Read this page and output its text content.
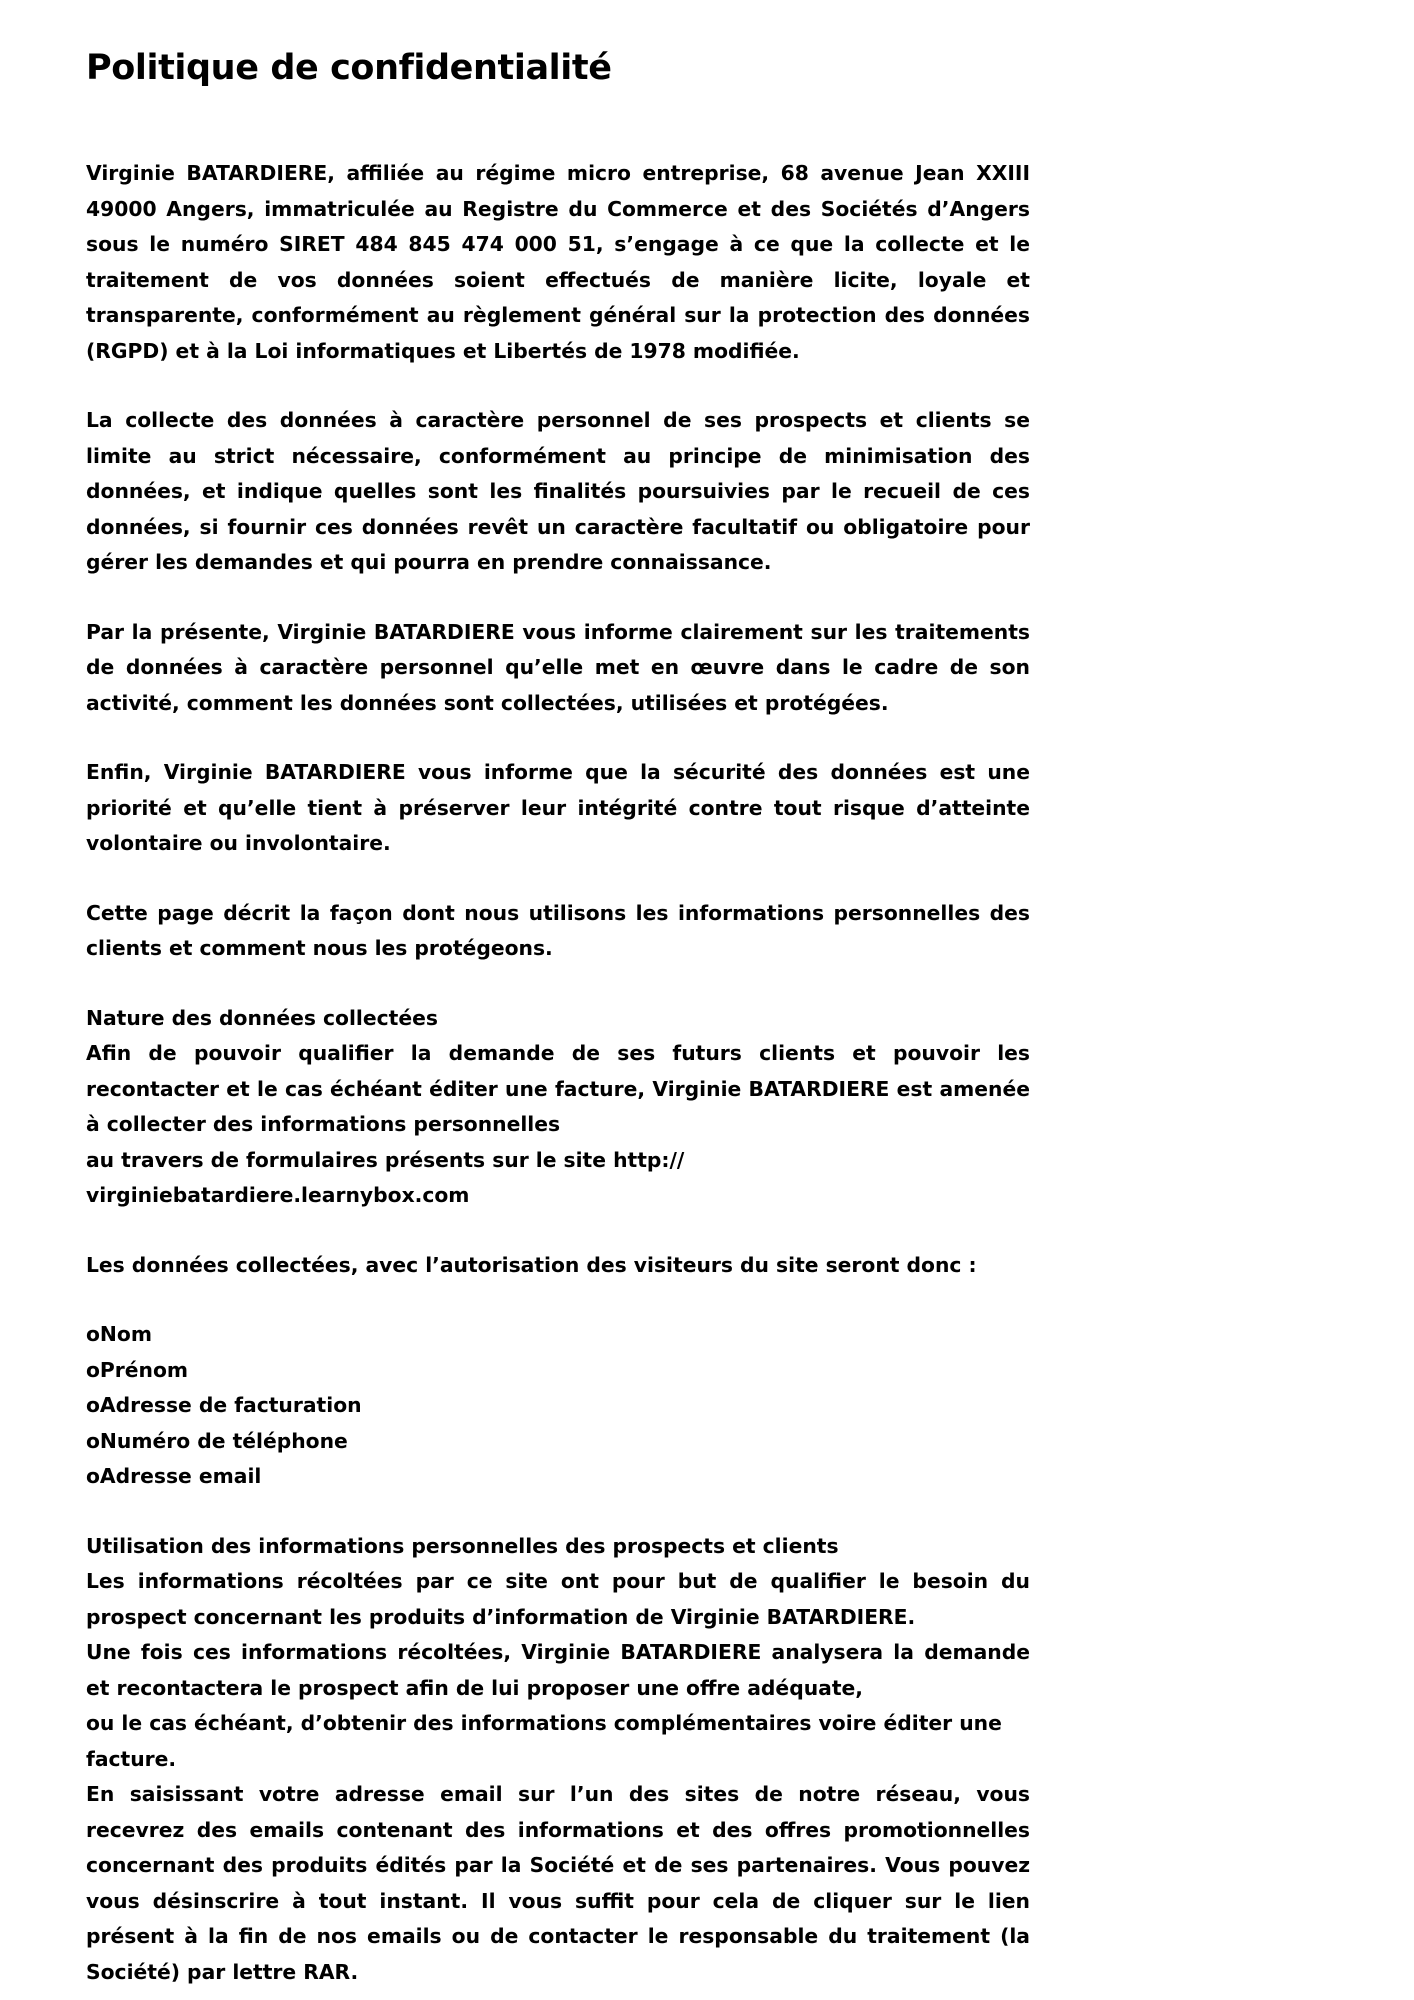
Politique de confidentialité

Virginie BATARDIERE, affiliée au régime micro entreprise, 68 avenue Jean XXIII 49000 Angers, immatriculée au Registre du Commerce et des Sociétés d’Angers sous le numéro SIRET 484 845 474 000 51, s’engage à ce que la collecte et le traitement de vos données soient effectués de manière licite, loyale et transparente, conformément au règlement général sur la protection des données (RGPD) et à la Loi informatiques et Libertés de 1978 modifiée.

La collecte des données à caractère personnel de ses prospects et clients se limite au strict nécessaire, conformément au principe de minimisation des données, et indique quelles sont les finalités poursuivies par le recueil de ces données, si fournir ces données revêt un caractère facultatif ou obligatoire pour gérer les demandes et qui pourra en prendre connaissance.

Par la présente, Virginie BATARDIERE vous informe clairement sur les traitements de données à caractère personnel qu’elle met en œuvre dans le cadre de son activité, comment les données sont collectées, utilisées et protégées.

Enfin, Virginie BATARDIERE vous informe que la sécurité des données est une priorité et qu’elle tient à préserver leur intégrité contre tout risque d’atteinte volontaire ou involontaire.

Cette page décrit la façon dont nous utilisons les informations personnelles des clients et comment nous les protégeons.

Nature des données collectées

Afin de pouvoir qualifier la demande de ses futurs clients et pouvoir les recontacter et le cas échéant éditer une facture, Virginie BATARDIERE est amenée à collecter des informations personnelles

au travers de formulaires présents sur le site http:// virginiebatardiere.learnybox.com

Les données collectées, avec l’autorisation des visiteurs du site seront donc :

oNom
oPrénom
oAdresse de facturation
oNuméro de téléphone
oAdresse email

Utilisation des informations personnelles des prospects et clients

Les informations récoltées par ce site ont pour but de qualifier le besoin du prospect concernant les produits d’information de Virginie BATARDIERE.

Une fois ces informations récoltées, Virginie BATARDIERE analysera la demande et recontactera le prospect afin de lui proposer une offre adéquate,

ou le cas échéant, d’obtenir des informations complémentaires voire éditer une facture.

En saisissant votre adresse email sur l’un des sites de notre réseau, vous recevrez des emails contenant des informations et des offres promotionnelles concernant des produits édités par la Société et de ses partenaires. Vous pouvez vous désinscrire à tout instant. Il vous suffit pour cela de cliquer sur le lien présent à la fin de nos emails ou de contacter le responsable du traitement (la Société) par lettre RAR.
